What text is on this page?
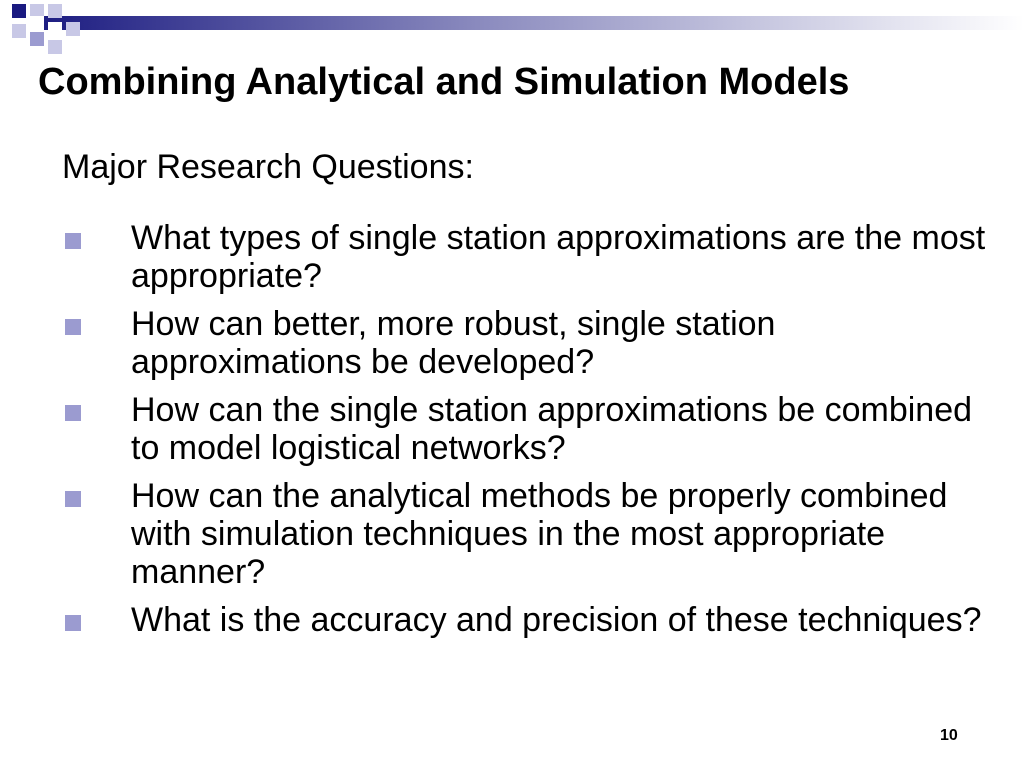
Combining Analytical and Simulation Models
Major Research Questions:
What types of single station approximations are the most appropriate?
How can better, more robust, single station approximations be developed?
How can the single station approximations be combined to model logistical networks?
How can the analytical methods be properly combined with simulation techniques in the most appropriate manner?
What is the accuracy and precision of these techniques?
10
